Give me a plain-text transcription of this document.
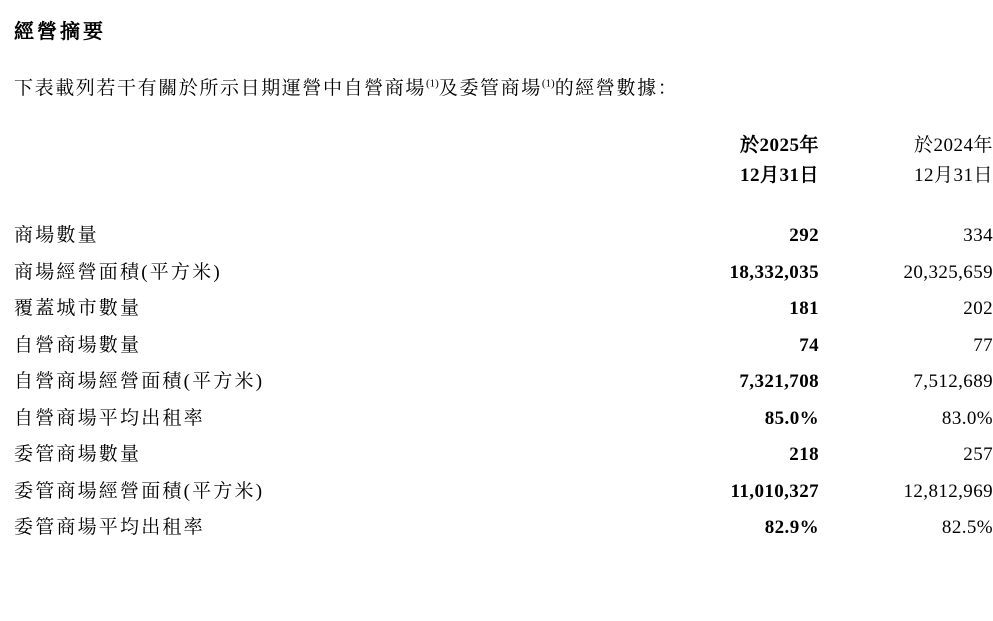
經營摘要

下表載列若干有關於所示日期運營中自營商場$^{(1)}$及委管商場$^{(1)}$的經營數據：

於2025年
12月31日

於2024年
12月31日

商場數量	292	334
商場經營面積(平方米)	18,332,035	20,325,659
覆蓋城市數量	181	202
自營商場數量	74	77
自營商場經營面積(平方米)	7,321,708	7,512,689
自營商場平均出租率	85.0%	83.0%
委管商場數量	218	257
委管商場經營面積(平方米)	11,010,327	12,812,969
委管商場平均出租率	82.9%	82.5%
